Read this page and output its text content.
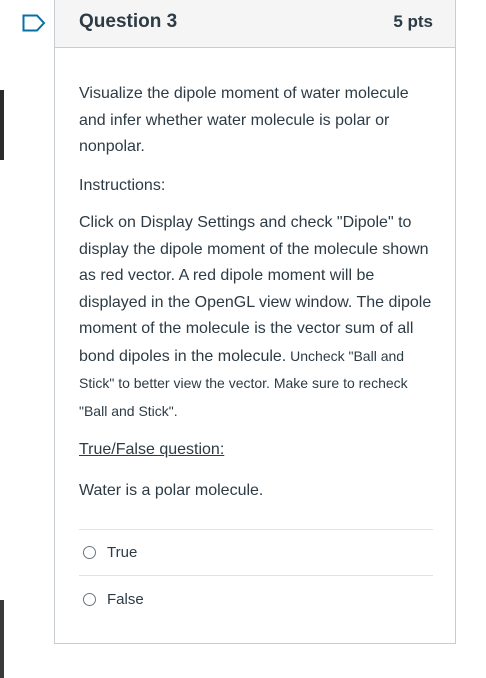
Question 3	5 pts
Visualize the dipole moment of water molecule and infer whether water molecule is polar or nonpolar.
Instructions:
Click on Display Settings and check "Dipole" to display the dipole moment of the molecule shown as red vector. A red dipole moment will be displayed in the OpenGL view window. The dipole moment of the molecule is the vector sum of all bond dipoles in the molecule. Uncheck "Ball and Stick" to better view the vector. Make sure to recheck "Ball and Stick".
True/False question:
Water is a polar molecule.
True
False
